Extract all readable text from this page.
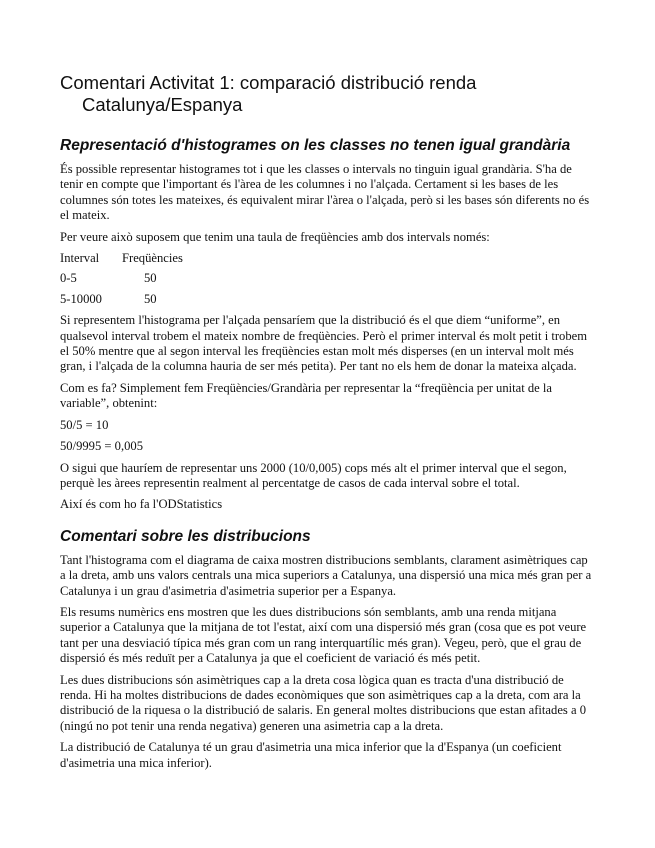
Comentari Activitat 1: comparació distribució renda Catalunya/Espanya
Representació d'histogrames on les classes no tenen igual grandària

És possible representar histogrames tot i que les classes o intervals no tinguin igual grandària. S'ha de tenir en compte que l'important és l'àrea de les columnes i no l'alçada. Certament si les bases de les columnes són totes les mateixes, és equivalent mirar l'àrea o l'alçada, però si les bases són diferents no és el mateix.

Per veure això suposem que tenim una taula de freqüències amb dos intervals només:

Interval	Freqüències
0-5	50
5-10000	50

Si representem l'histograma per l'alçada pensaríem que la distribució és el que diem “uniforme”, en qualsevol interval trobem el mateix nombre de freqüències. Però el primer interval és molt petit i trobem el 50% mentre que al segon interval les freqüències estan molt més disperses (en un interval molt més gran, i l'alçada de la columna hauria de ser més petita). Per tant no els hem de donar la mateixa alçada.

Com es fa? Simplement fem Freqüències/Grandària per representar la “freqüència per unitat de la variable”, obtenint:

50/5 = 10

50/9995 = 0,005

O sigui que hauríem de representar uns 2000 (10/0,005) cops més alt el primer interval que el segon, perquè les àrees representin realment al percentatge de casos de cada interval sobre el total.

Així és com ho fa l'ODStatistics

Comentari sobre les distribucions

Tant l'histograma com el diagrama de caixa mostren distribucions semblants, clarament asimètriques cap a la dreta, amb uns valors centrals una mica superiors a Catalunya, una dispersió una mica més gran per a Catalunya i un grau d'asimetria d'asimetria superior per a Espanya.

Els resums numèrics ens mostren que les dues distribucions són semblants, amb una renda mitjana superior a Catalunya que la mitjana de tot l'estat, així com una dispersió més gran (cosa que es pot veure tant per una desviació típica més gran com un rang interquartílic més gran). Vegeu, però, que el grau de dispersió és més reduït per a Catalunya ja que el coeficient de variació és més petit.

Les dues distribucions són asimètriques cap a la dreta cosa lògica quan es tracta d'una distribució de renda. Hi ha moltes distribucions de dades econòmiques que son asimètriques cap a la dreta, com ara la distribució de la riquesa o la distribució de salaris. En general moltes distribucions que estan afitades a 0 (ningú no pot tenir una renda negativa) generen una asimetria cap a la dreta.

La distribució de Catalunya té un grau d'asimetria una mica inferior que la d'Espanya (un coeficient d'asimetria una mica inferior).
